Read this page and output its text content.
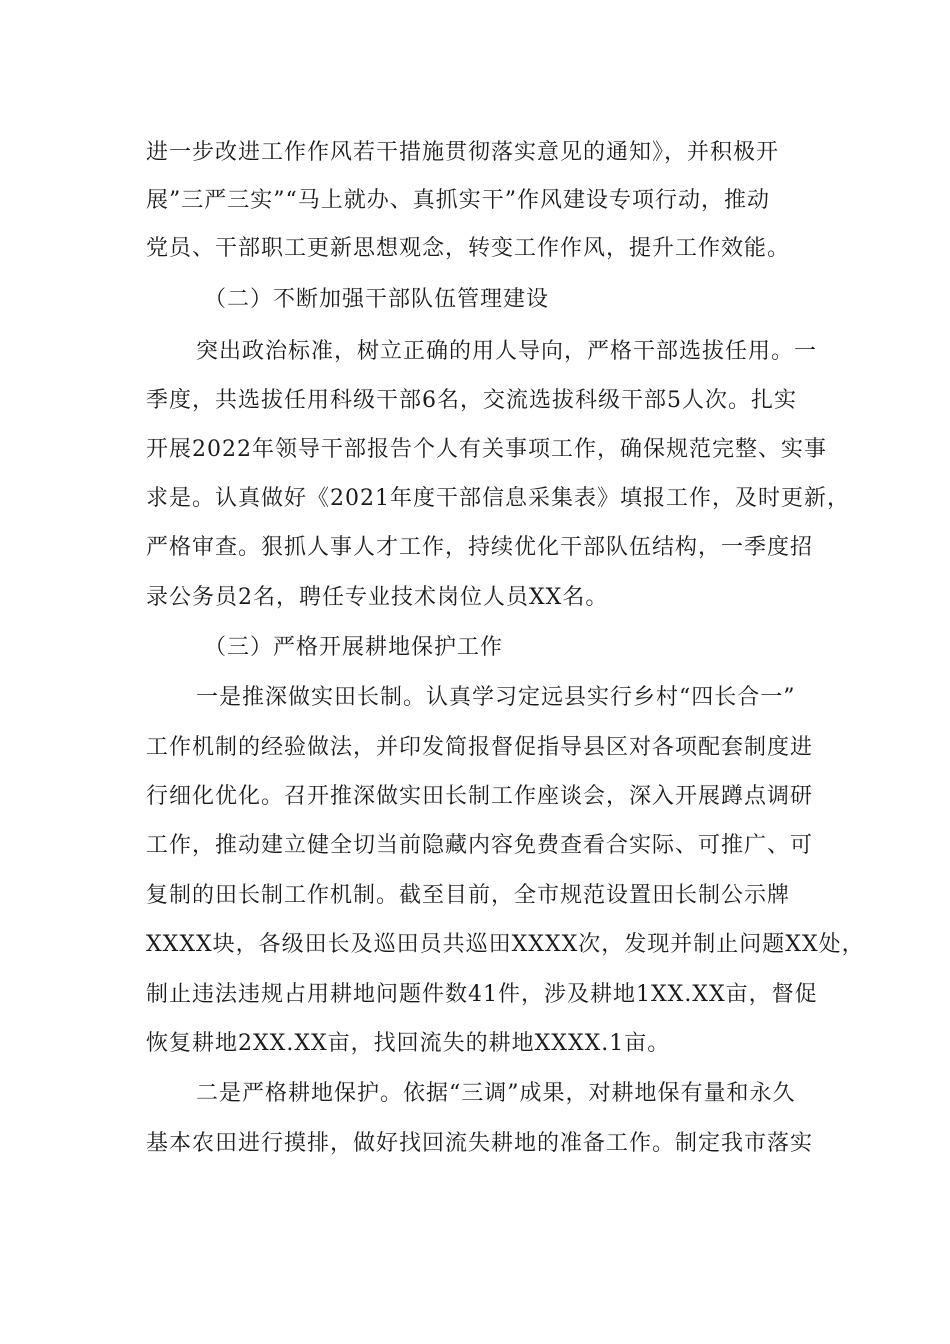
进一步改进工作作风若干措施贯彻落实意见的通知》，并积极开
展”三严三实”“马上就办、真抓实干”作风建设专项行动，推动
党员、干部职工更新思想观念，转变工作作风，提升工作效能。
（二）不断加强干部队伍管理建设
突出政治标准，树立正确的用人导向，严格干部选拔任用。一
季度，共选拔任用科级干部6名，交流选拔科级干部5人次。扎实
开展2022年领导干部报告个人有关事项工作，确保规范完整、实事
求是。认真做好《2021年度干部信息采集表》填报工作，及时更新，
严格审查。狠抓人事人才工作，持续优化干部队伍结构，一季度招
录公务员2名，聘任专业技术岗位人员XX名。
（三）严格开展耕地保护工作
一是推深做实田长制。认真学习定远县实行乡村“四长合一”
工作机制的经验做法，并印发简报督促指导县区对各项配套制度进
行细化优化。召开推深做实田长制工作座谈会，深入开展蹲点调研
工作，推动建立健全切当前隐藏内容免费查看合实际、可推广、可
复制的田长制工作机制。截至目前，全市规范设置田长制公示牌
XXXX块，各级田长及巡田员共巡田XXXX次，发现并制止问题XX处，
制止违法违规占用耕地问题件数41件，涉及耕地1XX.XX亩，督促
恢复耕地2XX.XX亩，找回流失的耕地XXXX.1亩。
二是严格耕地保护。依据“三调”成果，对耕地保有量和永久
基本农田进行摸排，做好找回流失耕地的准备工作。制定我市落实
